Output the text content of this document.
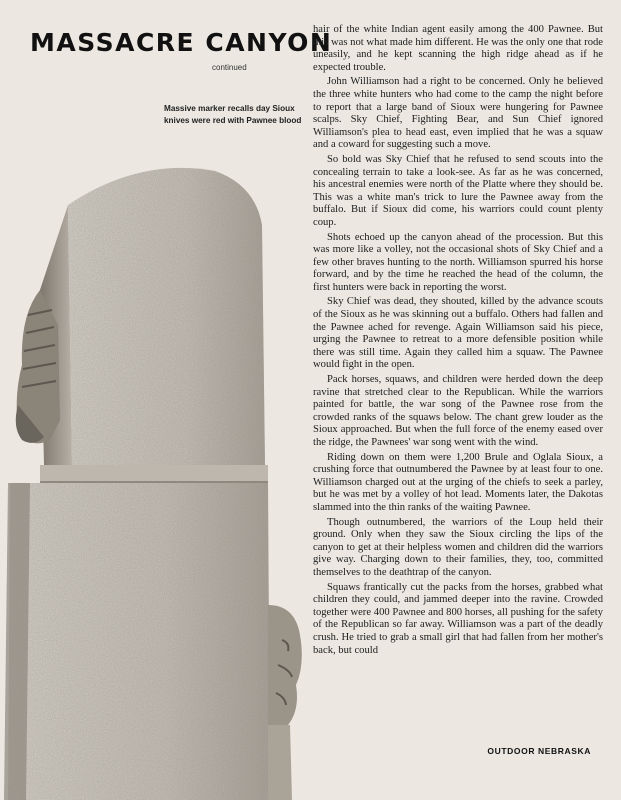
MASSACRE CANYON
continued
Massive marker recalls day Sioux knives were red with Pawnee blood

hair of the white Indian agent easily among the 400 Pawnee. But this was not what made him different. He was the only one that rode uneasily, and he kept scanning the high ridge ahead as if he expected trouble.

John Williamson had a right to be concerned. Only he believed the three white hunters who had come to the camp the night before to report that a large band of Sioux were hungering for Pawnee scalps. Sky Chief, Fighting Bear, and Sun Chief ignored Williamson's plea to head east, even implied that he was a squaw and a coward for suggesting such a move.

So bold was Sky Chief that he refused to send scouts into the concealing terrain to take a look-see. As far as he was concerned, his ancestral enemies were north of the Platte where they should be. This was a white man's trick to lure the Pawnee away from the buffalo. But if Sioux did come, his warriors could count plenty coup.

Shots echoed up the canyon ahead of the procession. But this was more like a volley, not the occasional shots of Sky Chief and a few other braves hunting to the north. Williamson spurred his horse forward, and by the time he reached the head of the column, the first hunters were back in reporting the worst.

Sky Chief was dead, they shouted, killed by the advance scouts of the Sioux as he was skinning out a buffalo. Others had fallen and the Pawnee ached for revenge. Again Williamson said his piece, urging the Pawnee to retreat to a more defensible position while there was still time. Again they called him a squaw. The Pawnee would fight in the open.

Pack horses, squaws, and children were herded down the deep ravine that stretched clear to the Republican. While the warriors painted for battle, the war song of the Pawnee rose from the crowded ranks of the squaws below. The chant grew louder as the Sioux approached. But when the full force of the enemy eased over the ridge, the Pawnees' war song went with the wind.

Riding down on them were 1,200 Brule and Oglala Sioux, a crushing force that outnumbered the Pawnee by at least four to one. Williamson charged out at the urging of the chiefs to seek a parley, but he was met by a volley of hot lead. Moments later, the Dakotas slammed into the thin ranks of the waiting Pawnee.

Though outnumbered, the warriors of the Loup held their ground. Only when they saw the Sioux circling the lips of the canyon to get at their helpless women and children did the warriors give way. Charging down to their families, they, too, committed themselves to the deathtrap of the canyon.

Squaws frantically cut the packs from the horses, grabbed what children they could, and jammed deeper into the ravine. Crowded together were 400 Pawnee and 800 horses, all pushing for the safety of the Republican so far away. Williamson was a part of the deadly crush. He tried to grab a small girl that had fallen from her mother's back, but could

OUTDOOR NEBRASKA
